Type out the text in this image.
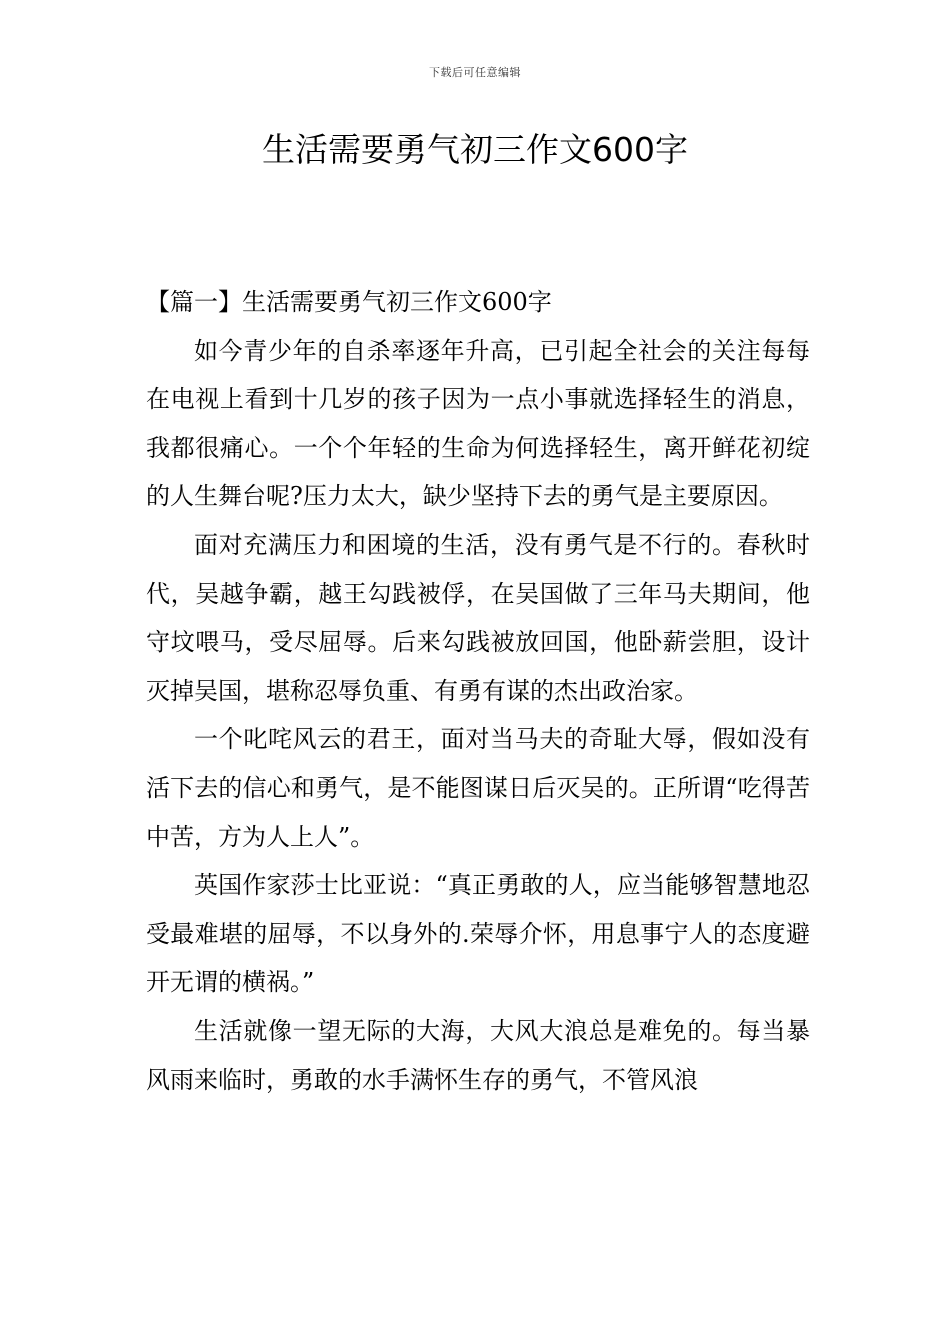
下载后可任意编辑
生活需要勇气初三作文600字

【篇一】生活需要勇气初三作文600字

如今青少年的自杀率逐年升高，已引起全社会的关注每每在电视上看到十几岁的孩子因为一点小事就选择轻生的消息，我都很痛心。一个个年轻的生命为何选择轻生，离开鲜花初绽的人生舞台呢?压力太大，缺少坚持下去的勇气是主要原因。

面对充满压力和困境的生活，没有勇气是不行的。春秋时代，吴越争霸，越王勾践被俘，在吴国做了三年马夫期间，他守坟喂马，受尽屈辱。后来勾践被放回国，他卧薪尝胆，设计灭掉吴国，堪称忍辱负重、有勇有谋的杰出政治家。

一个叱咤风云的君王，面对当马夫的奇耻大辱，假如没有活下去的信心和勇气，是不能图谋日后灭吴的。正所谓“吃得苦中苦，方为人上人”。

英国作家莎士比亚说：“真正勇敢的人，应当能够智慧地忍受最难堪的屈辱，不以身外的.荣辱介怀，用息事宁人的态度避开无谓的横祸。”

生活就像一望无际的大海，大风大浪总是难免的。每当暴风雨来临时，勇敢的水手满怀生存的勇气，不管风浪
